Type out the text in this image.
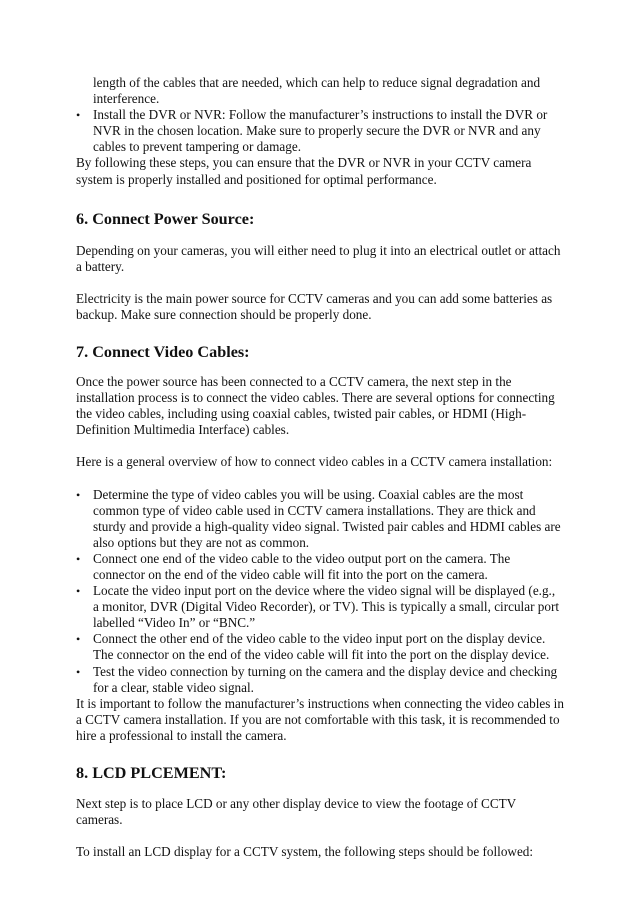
length of the cables that are needed, which can help to reduce signal degradation and interference.

• Install the DVR or NVR: Follow the manufacturer’s instructions to install the DVR or NVR in the chosen location. Make sure to properly secure the DVR or NVR and any cables to prevent tampering or damage.

By following these steps, you can ensure that the DVR or NVR in your CCTV camera system is properly installed and positioned for optimal performance.

6. Connect Power Source:

Depending on your cameras, you will either need to plug it into an electrical outlet or attach a battery.

Electricity is the main power source for CCTV cameras and you can add some batteries as backup. Make sure connection should be properly done.

7. Connect Video Cables:

Once the power source has been connected to a CCTV camera, the next step in the installation process is to connect the video cables. There are several options for connecting the video cables, including using coaxial cables, twisted pair cables, or HDMI (High-Definition Multimedia Interface) cables.

Here is a general overview of how to connect video cables in a CCTV camera installation:

• Determine the type of video cables you will be using. Coaxial cables are the most common type of video cable used in CCTV camera installations. They are thick and sturdy and provide a high-quality video signal. Twisted pair cables and HDMI cables are also options but they are not as common.
• Connect one end of the video cable to the video output port on the camera. The connector on the end of the video cable will fit into the port on the camera.
• Locate the video input port on the device where the video signal will be displayed (e.g., a monitor, DVR (Digital Video Recorder), or TV). This is typically a small, circular port labelled “Video In” or “BNC.”
• Connect the other end of the video cable to the video input port on the display device. The connector on the end of the video cable will fit into the port on the display device.
• Test the video connection by turning on the camera and the display device and checking for a clear, stable video signal.

It is important to follow the manufacturer’s instructions when connecting the video cables in a CCTV camera installation. If you are not comfortable with this task, it is recommended to hire a professional to install the camera.

8. LCD PLCEMENT:

Next step is to place LCD or any other display device to view the footage of CCTV cameras.

To install an LCD display for a CCTV system, the following steps should be followed:
